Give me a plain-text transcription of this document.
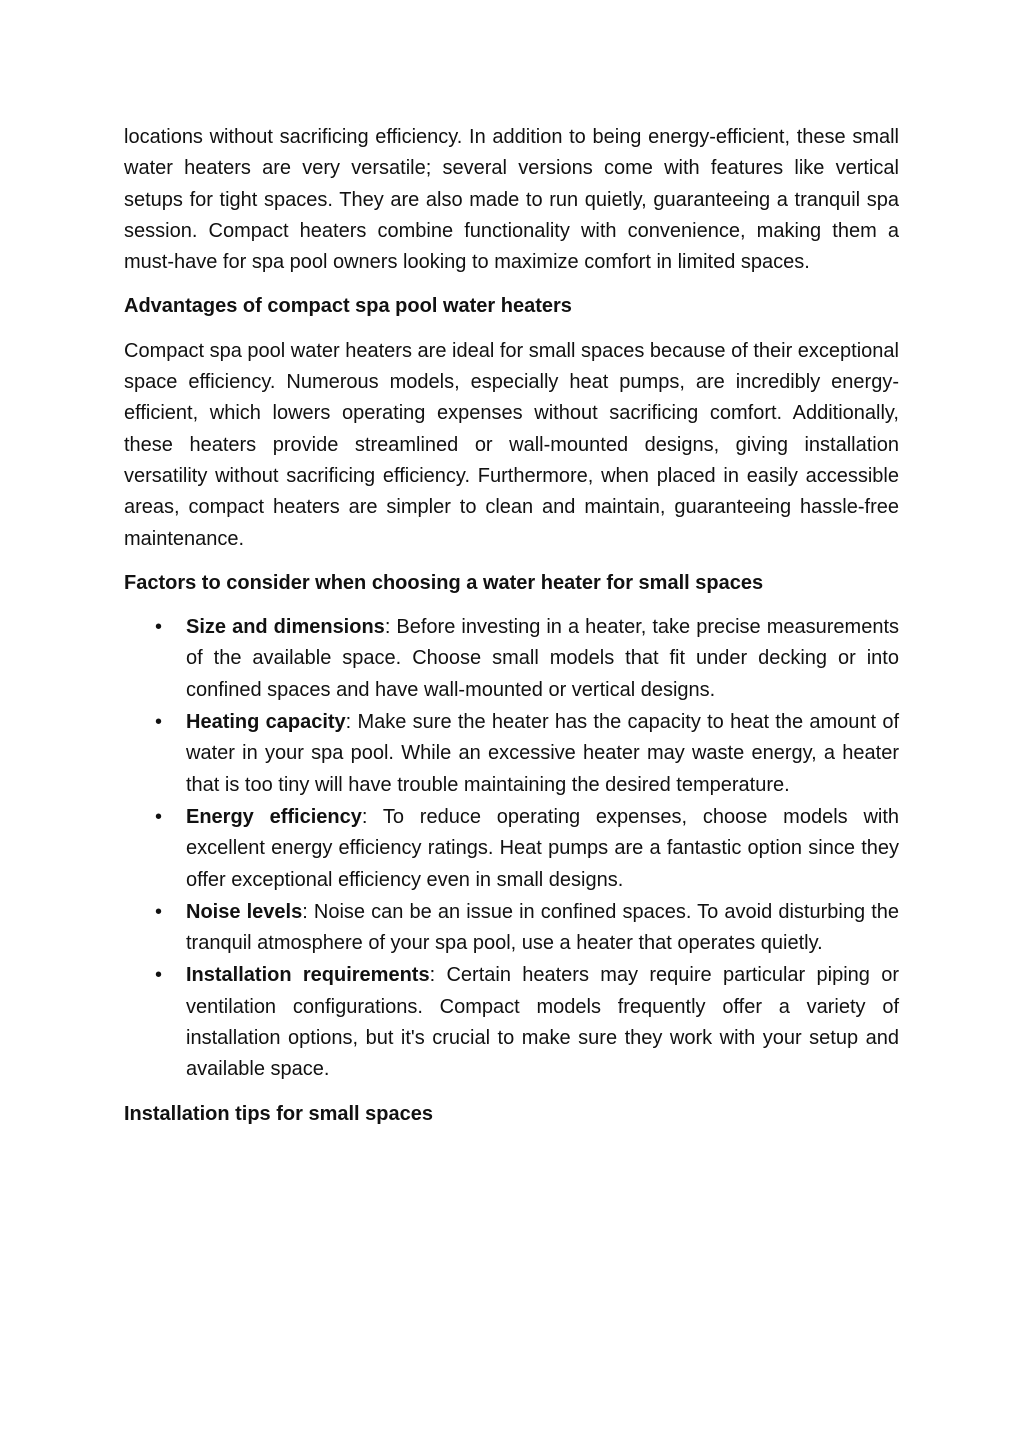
locations without sacrificing efficiency. In addition to being energy-efficient, these small water heaters are very versatile; several versions come with features like vertical setups for tight spaces. They are also made to run quietly, guaranteeing a tranquil spa session. Compact heaters combine functionality with convenience, making them a must-have for spa pool owners looking to maximize comfort in limited spaces.

Advantages of compact spa pool water heaters

Compact spa pool water heaters are ideal for small spaces because of their exceptional space efficiency. Numerous models, especially heat pumps, are incredibly energy-efficient, which lowers operating expenses without sacrificing comfort. Additionally, these heaters provide streamlined or wall-mounted designs, giving installation versatility without sacrificing efficiency. Furthermore, when placed in easily accessible areas, compact heaters are simpler to clean and maintain, guaranteeing hassle-free maintenance.

Factors to consider when choosing a water heater for small spaces
• Size and dimensions: Before investing in a heater, take precise measurements of the available space. Choose small models that fit under decking or into confined spaces and have wall-mounted or vertical designs.
• Heating capacity: Make sure the heater has the capacity to heat the amount of water in your spa pool. While an excessive heater may waste energy, a heater that is too tiny will have trouble maintaining the desired temperature.
• Energy efficiency: To reduce operating expenses, choose models with excellent energy efficiency ratings. Heat pumps are a fantastic option since they offer exceptional efficiency even in small designs.
• Noise levels: Noise can be an issue in confined spaces. To avoid disturbing the tranquil atmosphere of your spa pool, use a heater that operates quietly.
• Installation requirements: Certain heaters may require particular piping or ventilation configurations. Compact models frequently offer a variety of installation options, but it's crucial to make sure they work with your setup and available space.
Installation tips for small spaces
